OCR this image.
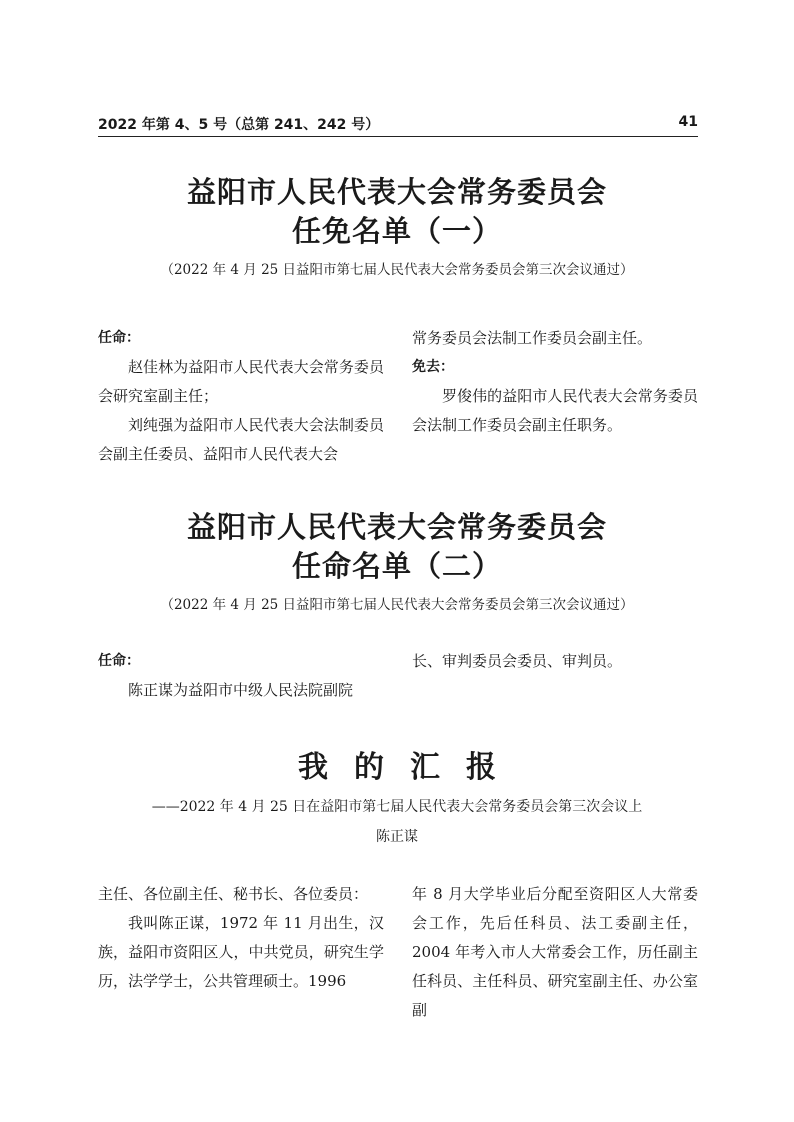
2022 年第 4、5 号（总第 241、242 号）	41
益阳市人民代表大会常务委员会
任免名单（一）
（2022 年 4 月 25 日益阳市第七届人民代表大会常务委员会第三次会议通过）
任命：
赵佳林为益阳市人民代表大会常务委员会研究室副主任；
刘纯强为益阳市人民代表大会法制委员会副主任委员、益阳市人民代表大会
常务委员会法制工作委员会副主任。
免去：
罗俊伟的益阳市人民代表大会常务委员会法制工作委员会副主任职务。
益阳市人民代表大会常务委员会
任命名单（二）
（2022 年 4 月 25 日益阳市第七届人民代表大会常务委员会第三次会议通过）
任命：
陈正谋为益阳市中级人民法院副院
长、审判委员会委员、审判员。
我的汇报
——2022 年 4 月 25 日在益阳市第七届人民代表大会常务委员会第三次会议上
陈正谋
主任、各位副主任、秘书长、各位委员：
我叫陈正谋，1972 年 11 月出生，汉族，益阳市资阳区人，中共党员，研究生学历，法学学士，公共管理硕士。1996
年 8 月大学毕业后分配至资阳区人大常委会工作，先后任科员、法工委副主任，2004 年考入市人大常委会工作，历任副主任科员、主任科员、研究室副主任、办公室副
